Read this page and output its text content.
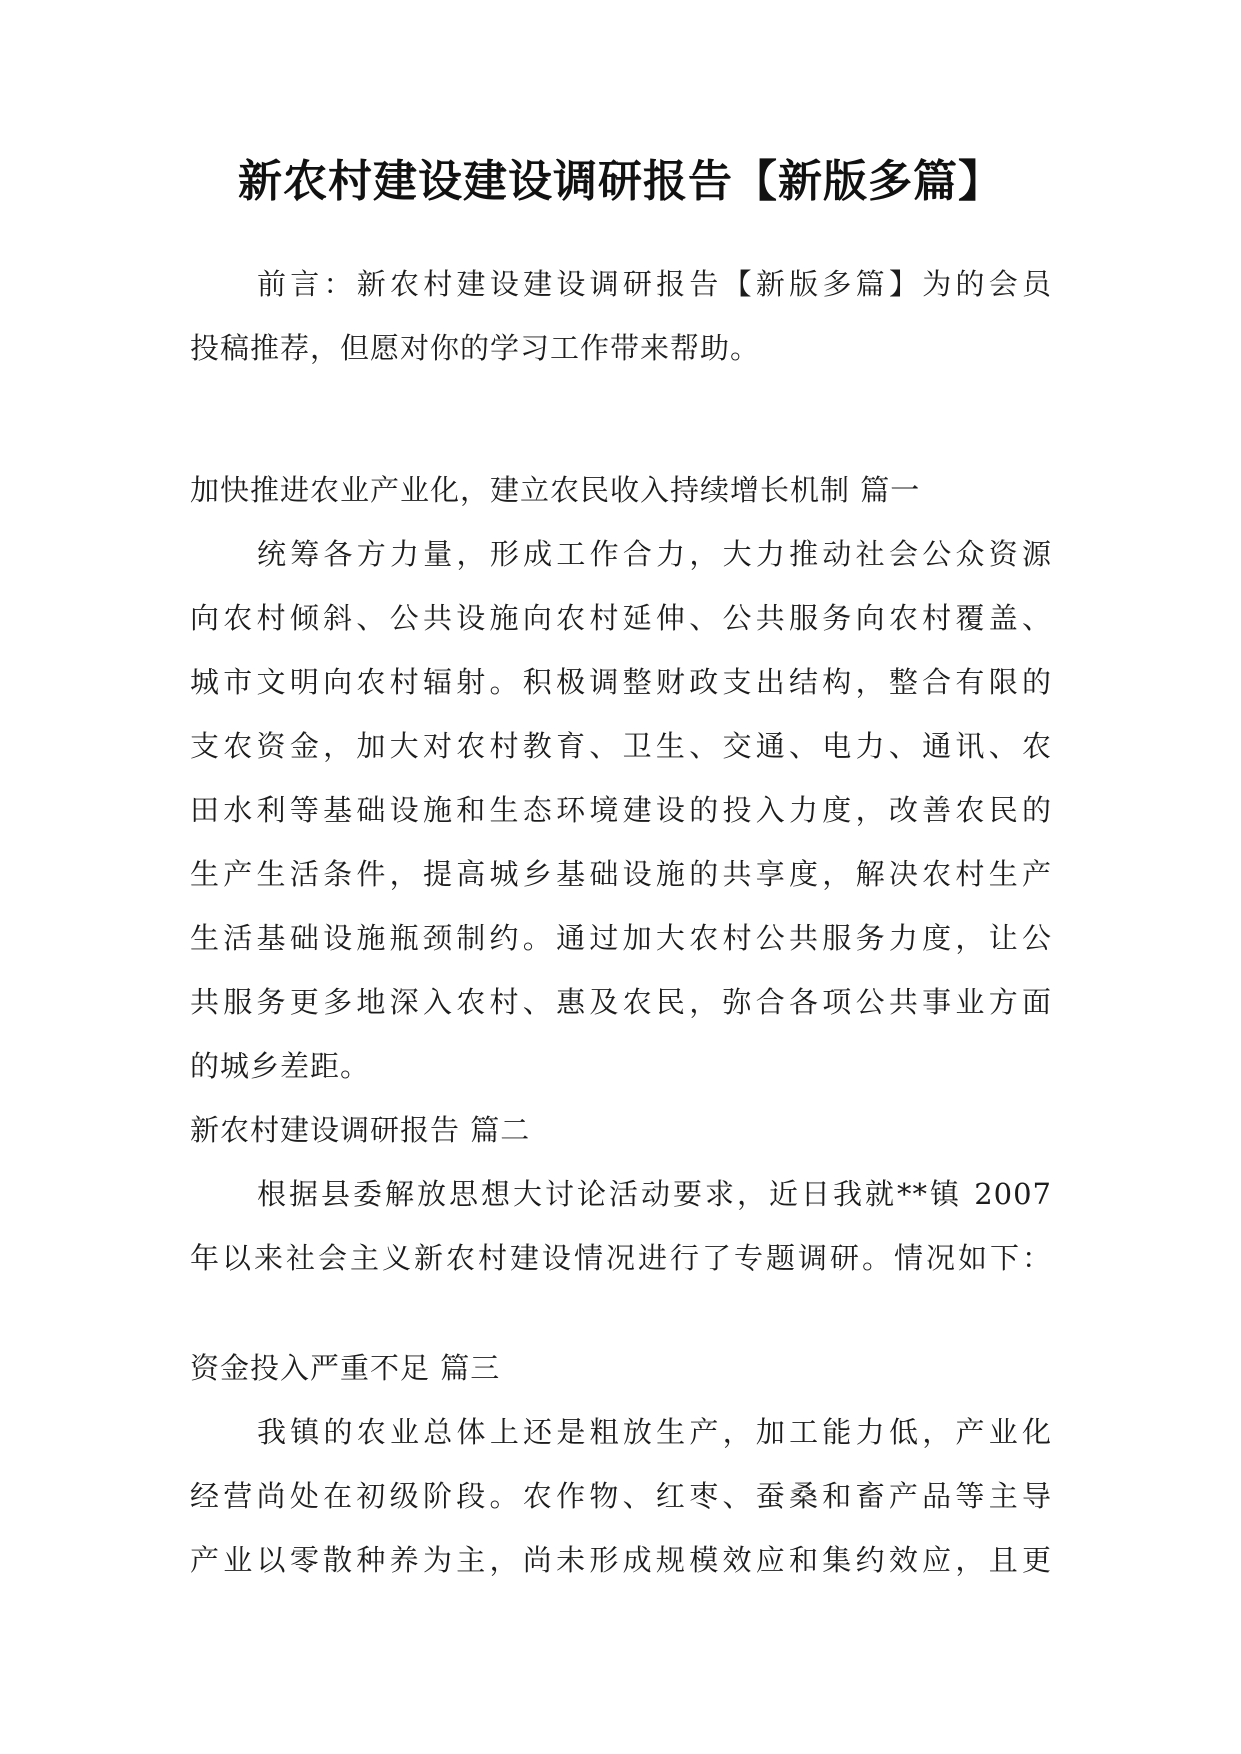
新农村建设建设调研报告【新版多篇】
前言：新农村建设建设调研报告【新版多篇】为的会员
投稿推荐，但愿对你的学习工作带来帮助。
加快推进农业产业化，建立农民收入持续增长机制 篇一
统筹各方力量，形成工作合力，大力推动社会公众资源
向农村倾斜、公共设施向农村延伸、公共服务向农村覆盖、
城市文明向农村辐射。积极调整财政支出结构，整合有限的
支农资金，加大对农村教育、卫生、交通、电力、通讯、农
田水利等基础设施和生态环境建设的投入力度，改善农民的
生产生活条件，提高城乡基础设施的共享度，解决农村生产
生活基础设施瓶颈制约。通过加大农村公共服务力度，让公
共服务更多地深入农村、惠及农民，弥合各项公共事业方面
的城乡差距。
新农村建设调研报告 篇二
根据县委解放思想大讨论活动要求，近日我就**镇 2007
年以来社会主义新农村建设情况进行了专题调研。情况如下：
资金投入严重不足 篇三
我镇的农业总体上还是粗放生产，加工能力低，产业化
经营尚处在初级阶段。农作物、红枣、蚕桑和畜产品等主导
产业以零散种养为主，尚未形成规模效应和集约效应，且更
